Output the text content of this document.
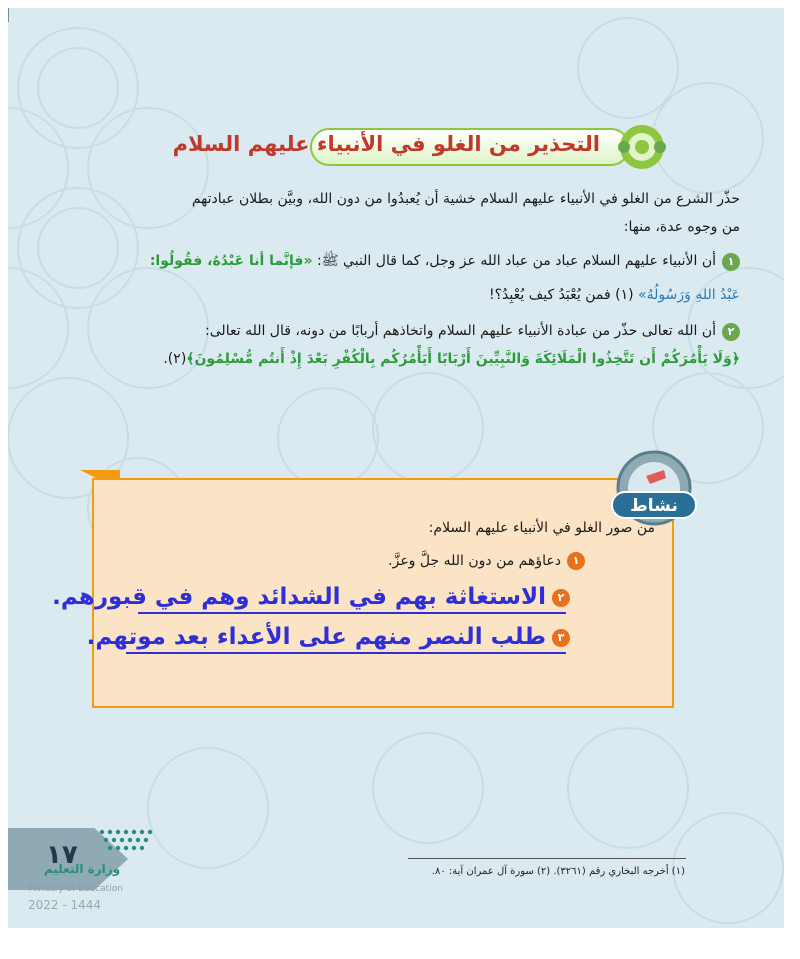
التحذير من الغلو في الأنبياء عليهم السلام
حذّر الشرع من الغلو في الأنبياء عليهم السلام خشية أن يُعبدُوا من دون الله، وبيَّن بطلان عبادتهم
من وجوه عدة، منها:
١أن الأنبياء عليهم السلام عباد من عباد الله عز وجل، كما قال النبي ﷺ: «فإنَّما أنا عَبْدُهُ، فقُولُوا:
عَبْدُ اللهِ وَرَسُولُهُ» (١) فمن يُعْبَدُ كيف يُعْبِدُ؟!
٢أن الله تعالى حذّر من عبادة الأنبياء عليهم السلام واتخاذهم أربابًا من دونه، قال الله تعالى:
﴿وَلَا يَأْمُرَكُمْ أَن تَتَّخِذُوا الْمَلَائِكَةَ وَالنَّبِيِّينَ أَرْبَابًا أَيَأْمُرُكُم بِالْكُفْرِ بَعْدَ إِذْ أَنتُم مُّسْلِمُونَ﴾(٢).
نشاط
من صور الغلو في الأنبياء عليهم السلام:
١دعاؤهم من دون الله جلَّ وعزَّ.
٢الاستغاثة بهم في الشدائد وهم في قبورهم.
٣طلب النصر منهم على الأعداء بعد موتهم.
(١) أخرجه البخاري رقم (٣٢٦١). (٢) سورة آل عمران آية: ٨٠.
١٧
وزارة التعليم
Ministry of Education
2022 - 1444
